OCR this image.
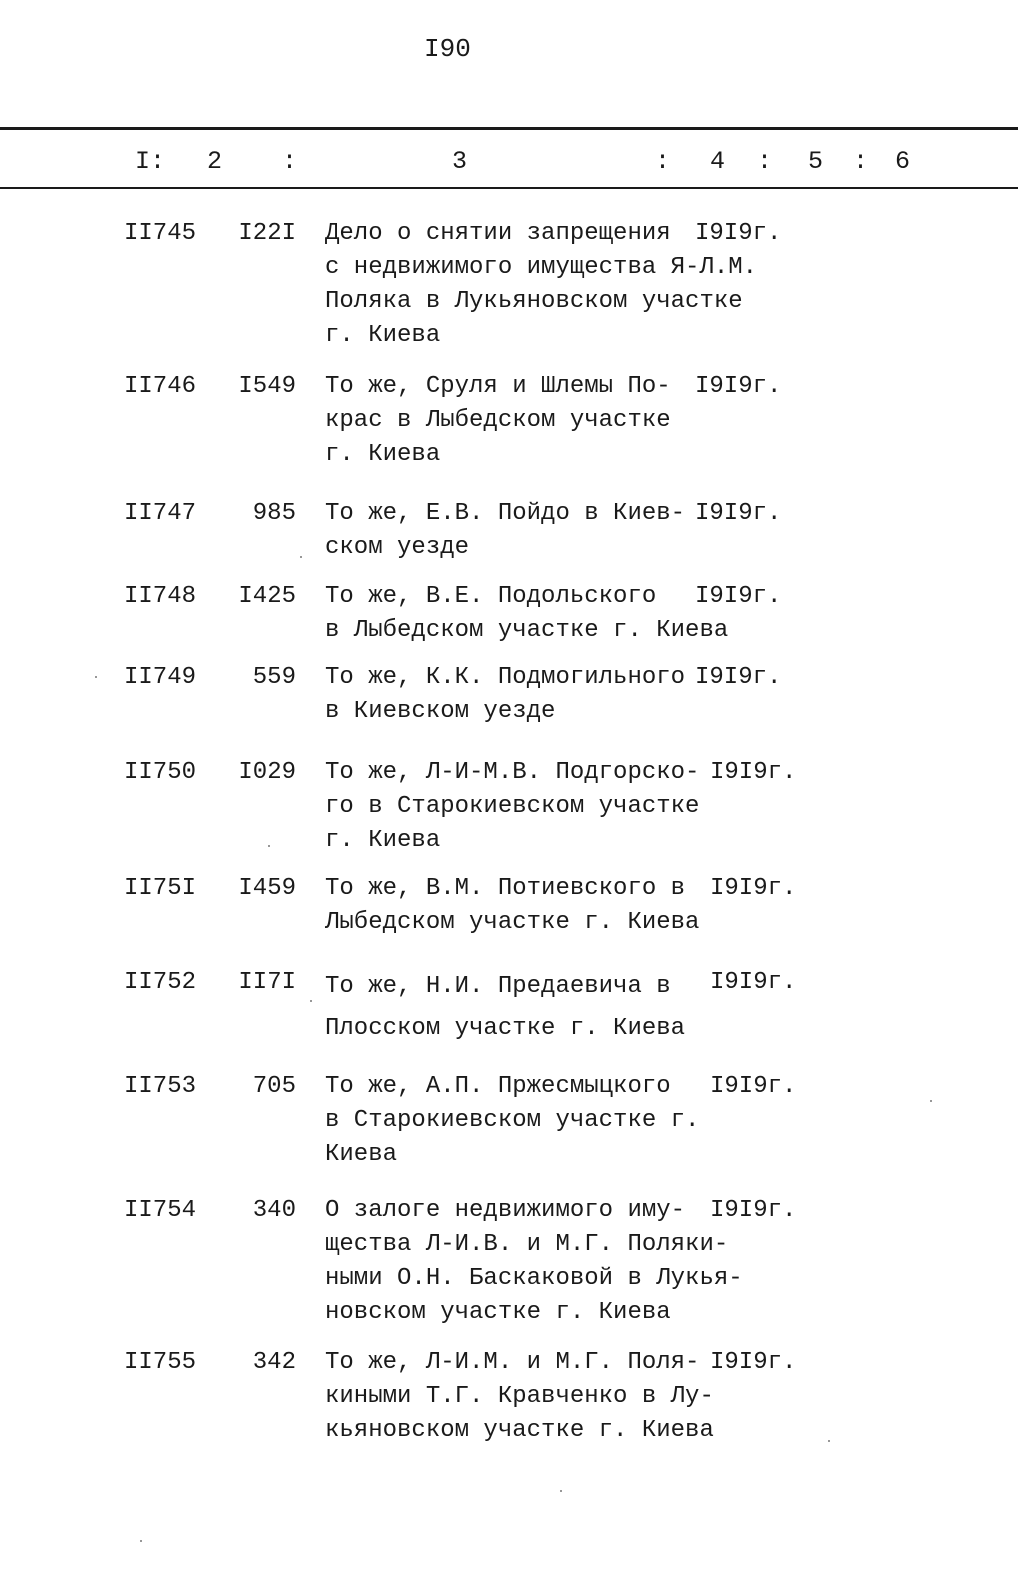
I90
I: 2 :	3	: 4 : 5 : 6
II745 I22I Дело о снятии запрещения
с недвижимого имущества Я-Л.М.
Поляка в Лукьяновском участке
г. Киева
I9I9г.
II746 I549 То же, Сруля и Шлемы По-
крас в Лыбедском участке
г. Киева
I9I9г.
II747 985 То же, Е.В. Пойдо в Киев-
ском уезде
I9I9г.
II748 I425 То же, В.Е. Подольского
в Лыбедском участке г. Киева
I9I9г.
II749 559 То же, К.К. Подмогильного
в Киевском уезде
I9I9г.
II750 I029 То же, Л-И-М.В. Подгорско-
го в Старокиевском участке
г. Киева
I9I9г.
II75I I459 То же, В.М. Потиевского в
Лыбедском участке г. Киева
I9I9г.
II752 II7I То же, Н.И. Предаевича в
Плосском участке г. Киева
I9I9г.
II753 705 То же, А.П. Пржесмыцкого
в Старокиевском участке г.
Киева
I9I9г.
II754 340 О залоге недвижимого иму-
щества Л-И.В. и М.Г. Поляки-
ными О.Н. Баскаковой в Лукья-
новском участке г. Киева
I9I9г.
II755 342 То же, Л-И.М. и М.Г. Поля-
киными Т.Г. Кравченко в Лу-
кьяновском участке г. Киева
I9I9г.
